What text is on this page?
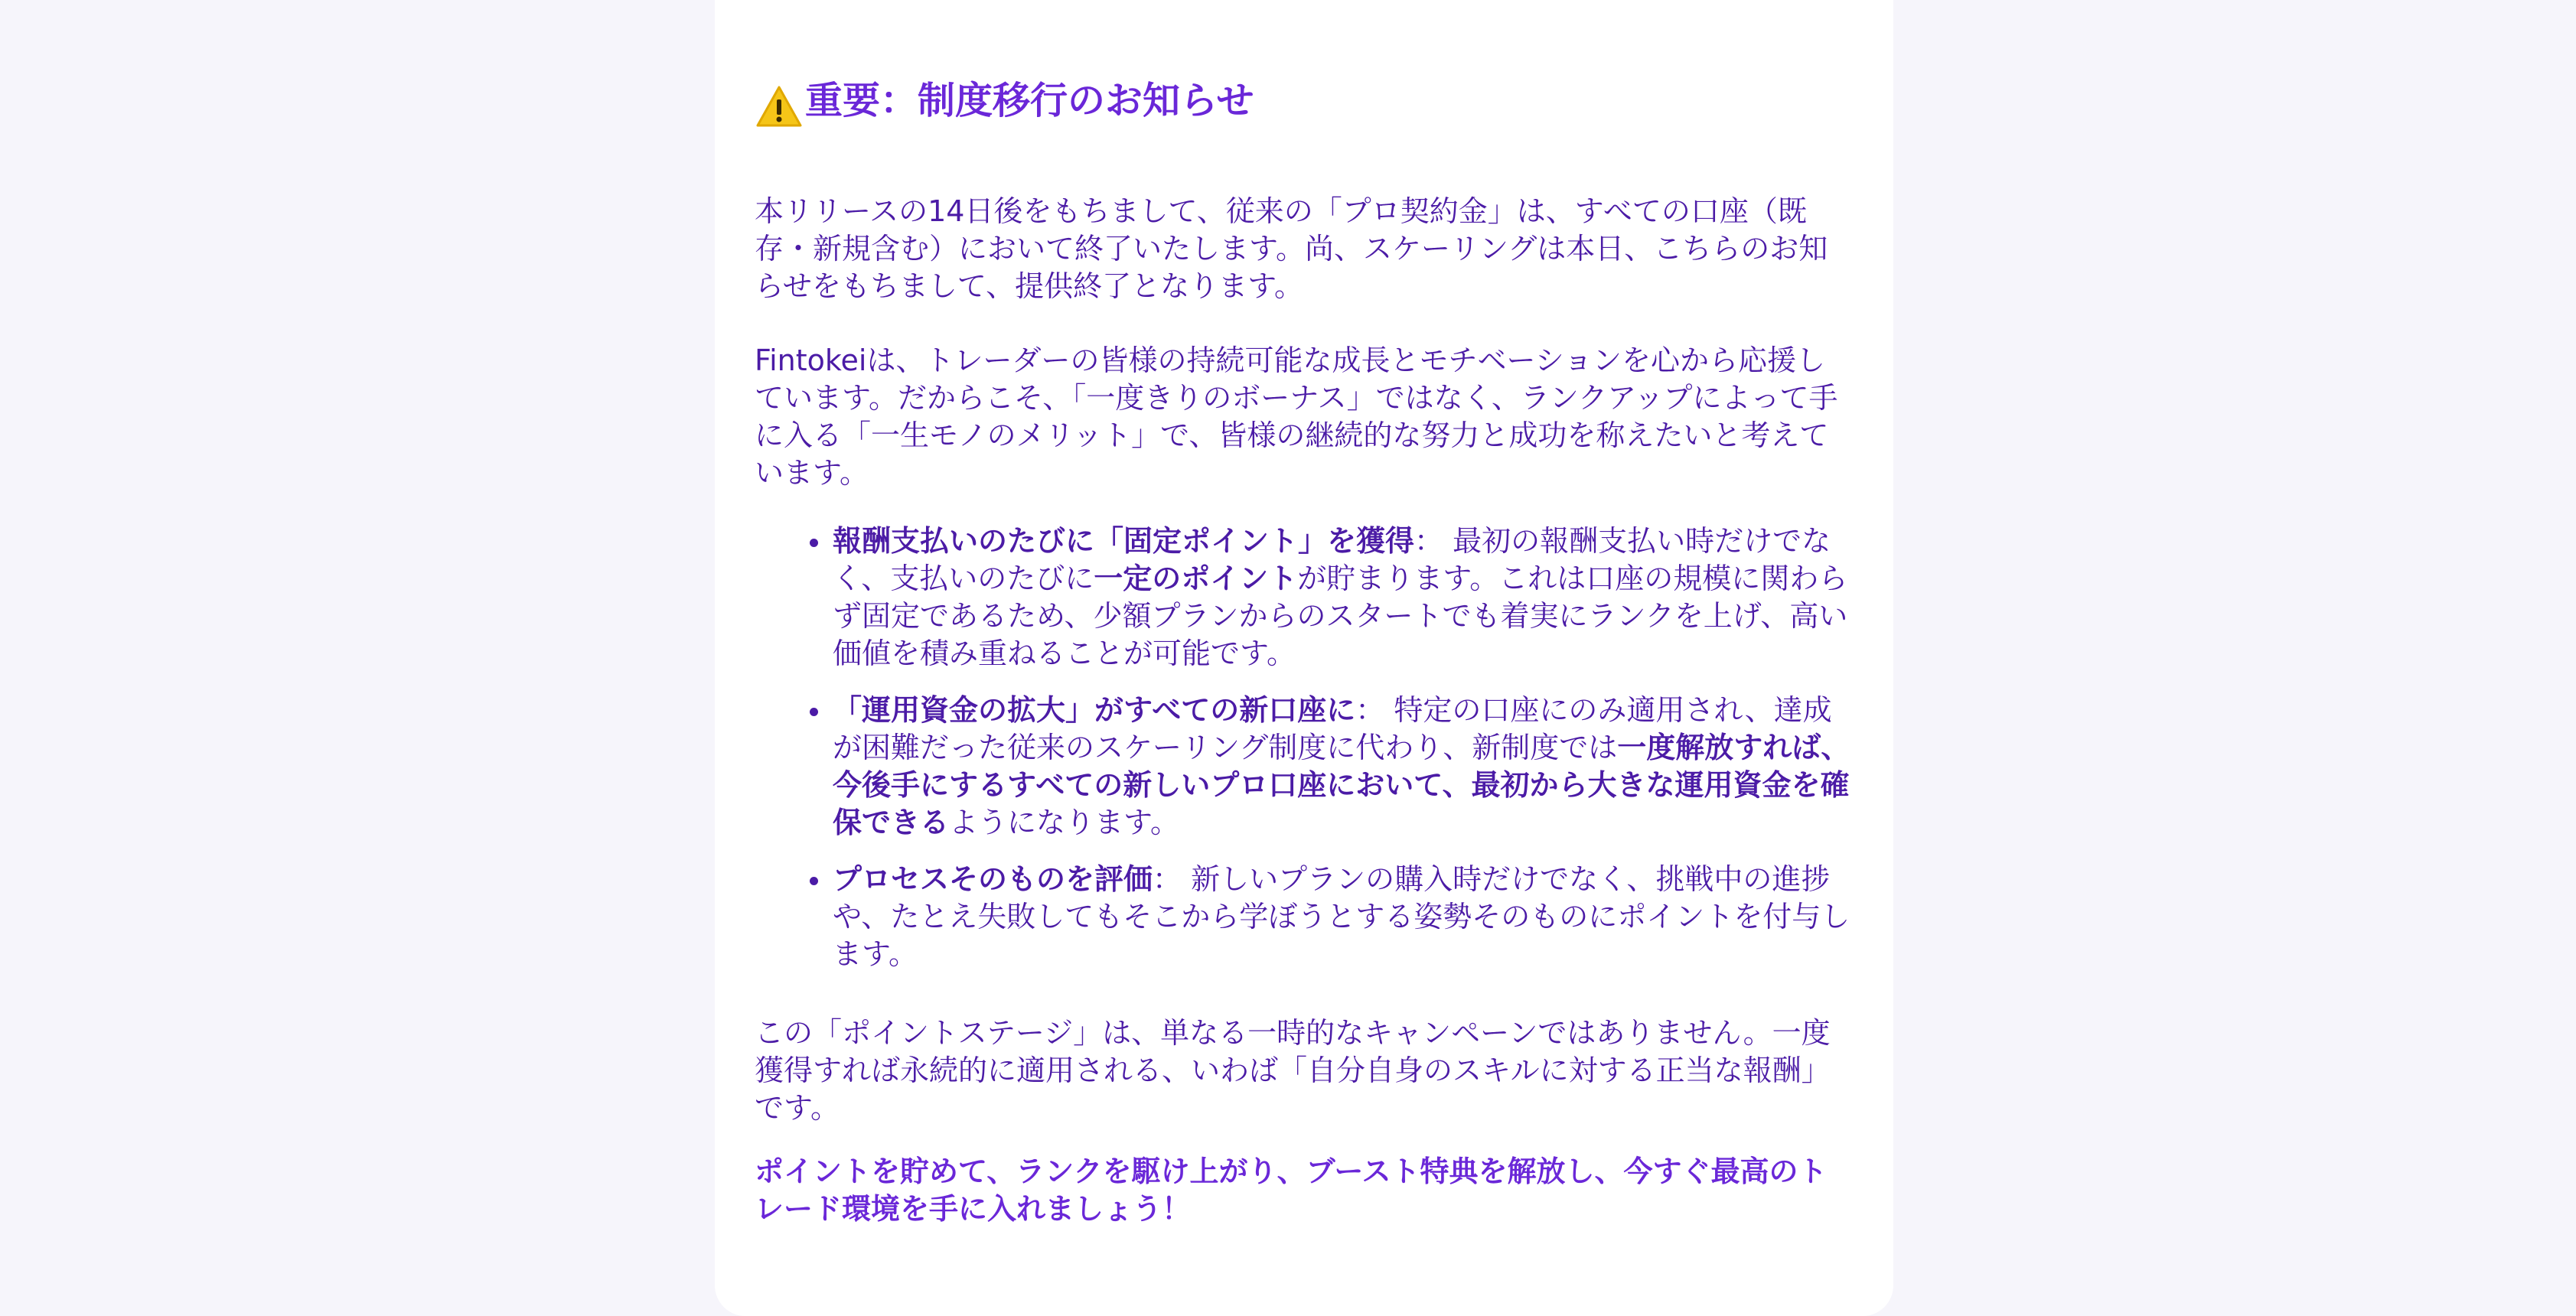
重要：制度移行のお知らせ

本リリースの14日後をもちまして、従来の「プロ契約金」は、すべての口座（既存・新規含む）において終了いたします。尚、スケーリングは本日、こちらのお知らせをもちまして、提供終了となります。

Fintokeiは、トレーダーの皆様の持続可能な成長とモチベーションを心から応援しています。だからこそ、「一度きりのボーナス」ではなく、ランクアップによって手に入る「一生モノのメリット」で、皆様の継続的な努力と成功を称えたいと考えています。

報酬支払いのたびに「固定ポイント」を獲得： 最初の報酬支払い時だけでなく、支払いのたびに一定のポイントが貯まります。これは口座の規模に関わらず固定であるため、少額プランからのスタートでも着実にランクを上げ、高い価値を積み重ねることが可能です。
「運用資金の拡大」がすべての新口座に： 特定の口座にのみ適用され、達成が困難だった従来のスケーリング制度に代わり、新制度では一度解放すれば、今後手にするすべての新しいプロ口座において、最初から大きな運用資金を確保できるようになります。
プロセスそのものを評価： 新しいプランの購入時だけでなく、挑戦中の進捗や、たとえ失敗してもそこから学ぼうとする姿勢そのものにポイントを付与します。

この「ポイントステージ」は、単なる一時的なキャンペーンではありません。一度獲得すれば永続的に適用される、いわば「自分自身のスキルに対する正当な報酬」です。

ポイントを貯めて、ランクを駆け上がり、ブースト特典を解放し、今すぐ最高のトレード環境を手に入れましょう！
